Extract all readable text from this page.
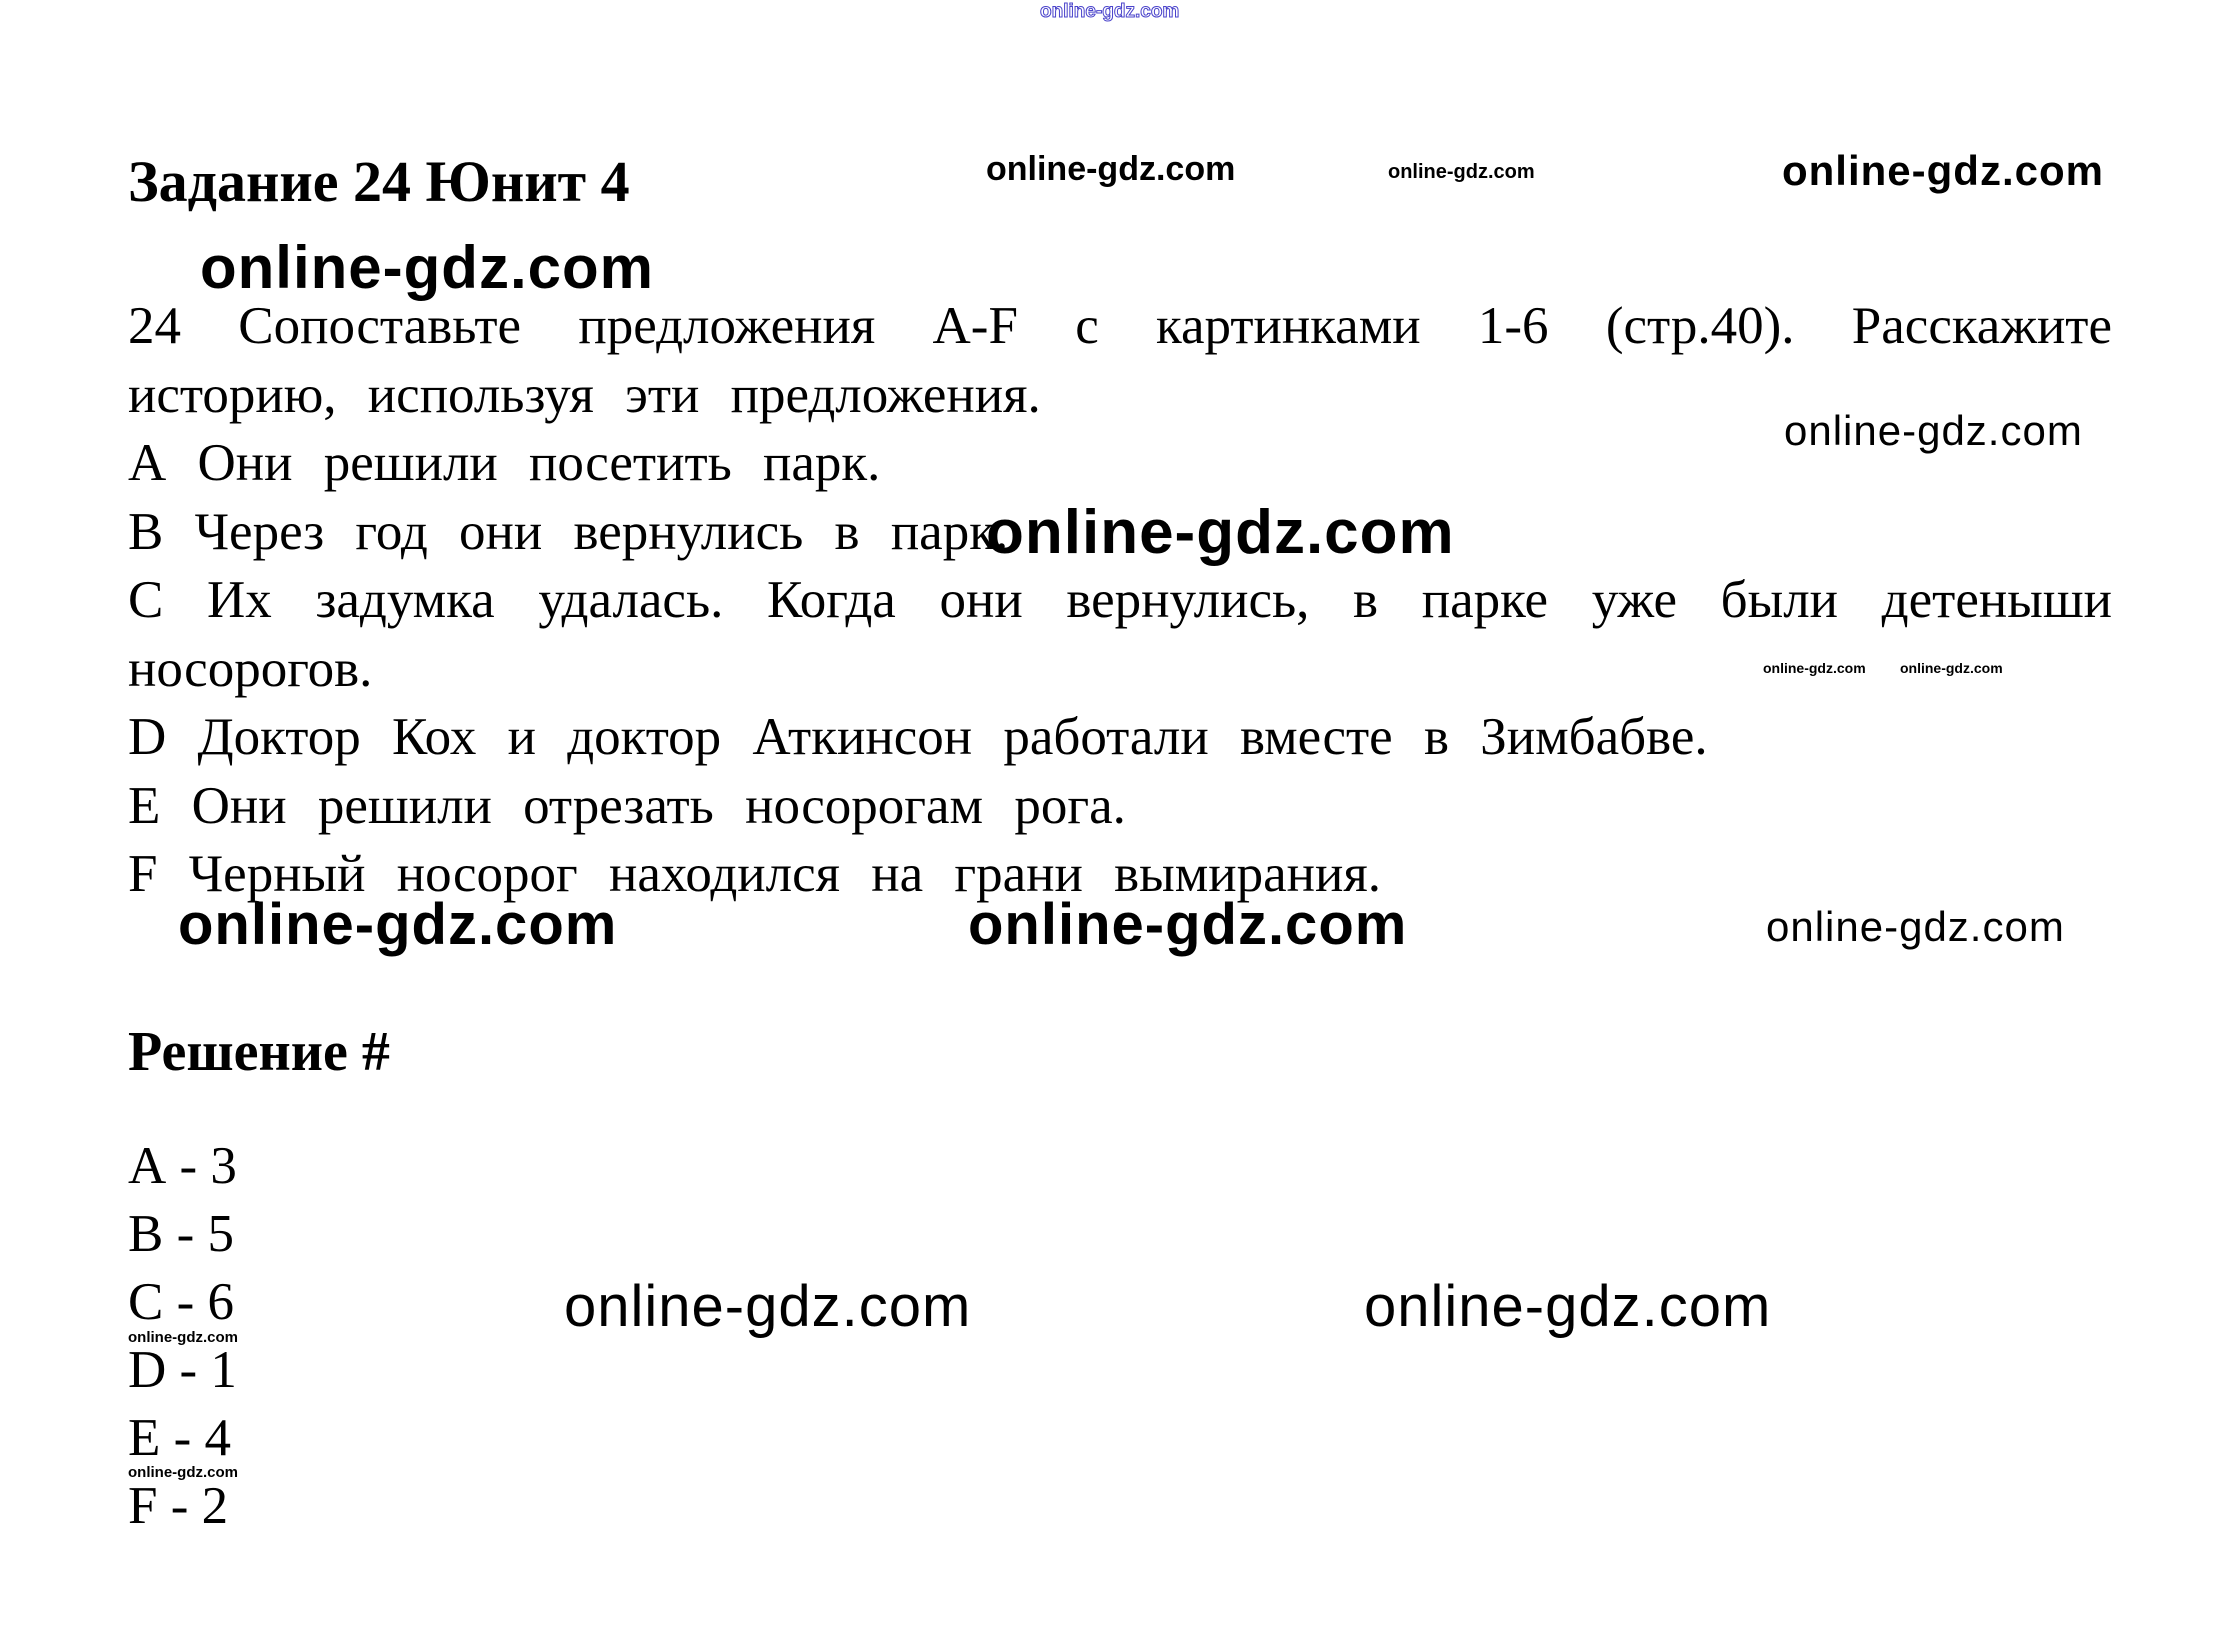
online-gdz.com
Задание 24 Юнит 4	online-gdz.com	online-gdz.com	online-gdz.com
online-gdz.com
24 Сопоставьте предложения А-F с картинками 1-6 (стр.40). Расскажите
историю, используя эти предложения.
А Они решили посетить парк.
В Через год они вернулись в парк.
С Их задумка удалась. Когда они вернулись, в парке уже были детеныши
носорогов.
D Доктор Кох и доктор Аткинсон работали вместе в Зимбабве.
Е Они решили отрезать носорогам рога.
F Черный носорог находился на грани вымирания.
online-gdz.com
online-gdz.com
online-gdz.com online-gdz.com
online-gdz.com	online-gdz.com	online-gdz.com
Решение #
А - 3
В - 5
С - 6
D - 1
Е - 4
F - 2
online-gdz.com
online-gdz.com
online-gdz.com	online-gdz.com
